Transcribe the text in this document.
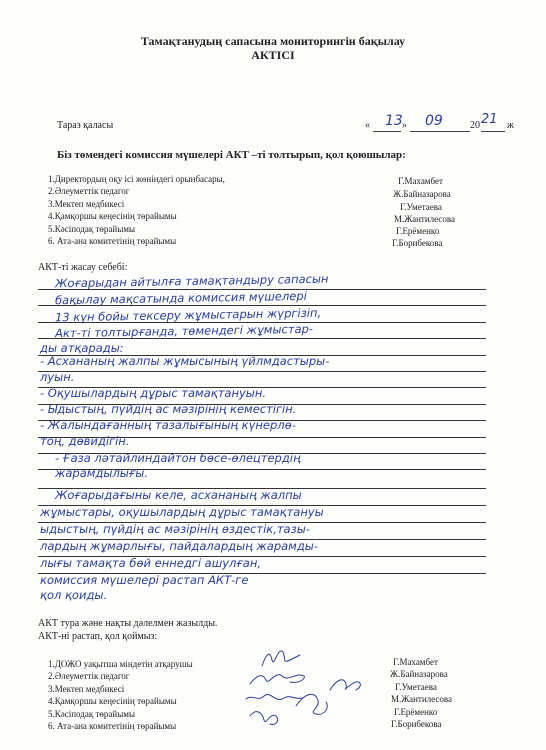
Тамақтанудың сапасына мониторингін бақылау
АКТІСІ
Тараз қаласы	« 13 » 09	20 21 ж
Біз төмендегі комиссия мүшелері АКТ –ті толтырып, қол қоюшылар:
1.Директордың оқу ісі жөніндегі орынбасары,	Г.Махамбет
2.Әлеуметтік педагог	Ж.Байназарова
3.Мектеп медбикесі	Г.Уметаева
4.Қамқоршы кеңесінің төрайымы	М.Жантилесова
5.Кәсіподақ төрайымы	Г.Ерёменко
6. Ата-ана комитетінің төрайымы	Г.Борибекова
АКТ-ті жасау себебі:
Жоғарыдан айтылға тамақтандыру сапасын
бақылау мақсатында комиссия мүшелері
13 күн бойы тексеру жұмыстарын жүргізіп,
Акт-ті толтырғанда, төмендегі жұмыстар-
ды атқарады:
- Асхананың жалпы жұмысының үйлмдастыры-
луын.
- Оқушылардың дұрыс тамақтануын.
- Ыдыстың, пүйдің ас мәзірінің кеместігін.
- Жалындағанның тазалығының күнерлө-
тоң, дөвидігін.
- Ғаза ләтайлиндайтон бөсе-өлецтердің
жарамдылығы.
Жоғарыдағыны келе, асхананың жалпы
жұмыстары, оқушылардың дұрыс тамақтануы
ыдыстың, пүйдің ас мәзірінің өздестік,тазы-
лардың жұмарлығы, пайдалардың жарамды-
лығы тамақта бөй еннедгі ашулған,
комиссия мүшелері растап АКТ-ге
қол қоиды.
АКТ тура және нақты дәлелмен жазылды.
АКТ-ні растап, қол қоймыз:
1.ДОЖО уақытша міндетін атқарушы	Г.Махамбет
2.Әлеуметтік педагог	Ж.Байназарова
3.Мектеп медбикесі	Г.Уметаева
4.Қамқоршы кеңесінің төрайымы	М.Жантилесова
5.Кәсіподақ төрайымы	Г.Ерёменко
6. Ата-ана комитетінің төрайымы	Г.Борибекова
